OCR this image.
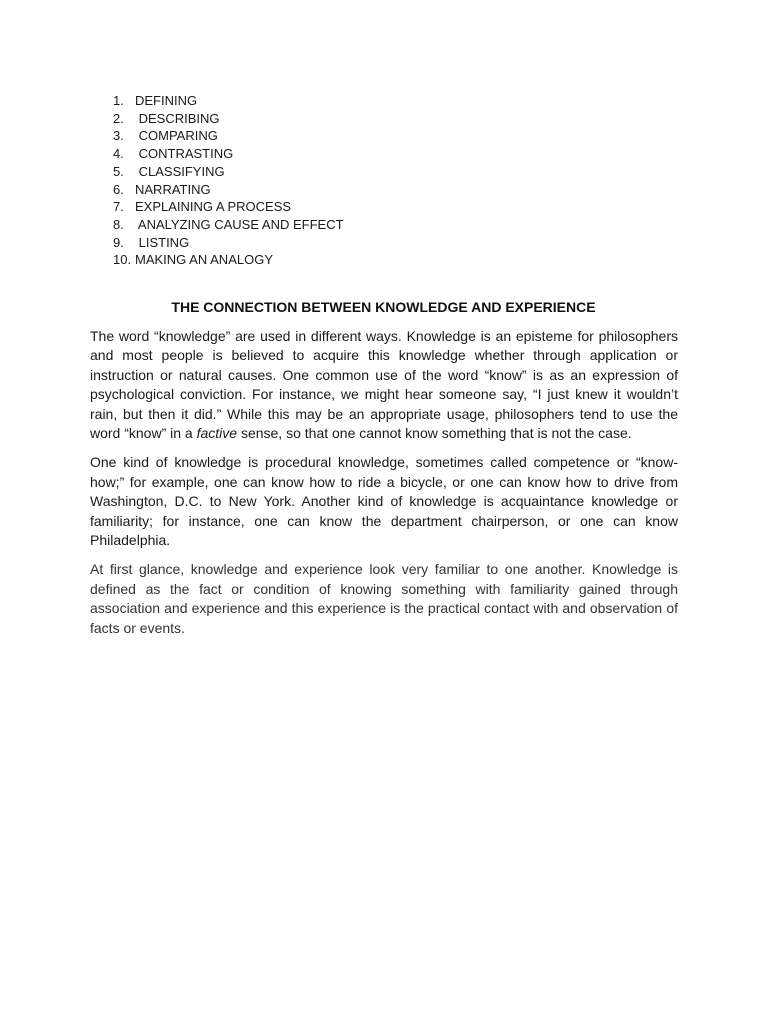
1. DEFINING
2. DESCRIBING
3. COMPARING
4. CONTRASTING
5. CLASSIFYING
6. NARRATING
7. EXPLAINING A PROCESS
8. ANALYZING CAUSE AND EFFECT
9. LISTING
10. MAKING AN ANALOGY
THE CONNECTION BETWEEN KNOWLEDGE AND EXPERIENCE

The word “knowledge” are used in different ways. Knowledge is an episteme for philosophers and most people is believed to acquire this knowledge whether through application or instruction or natural causes. One common use of the word “know” is as an expression of psychological conviction. For instance, we might hear someone say, “I just knew it wouldn’t rain, but then it did.” While this may be an appropriate usage, philosophers tend to use the word “know” in a factive sense, so that one cannot know something that is not the case.

One kind of knowledge is procedural knowledge, sometimes called competence or “know-how;” for example, one can know how to ride a bicycle, or one can know how to drive from Washington, D.C. to New York. Another kind of knowledge is acquaintance knowledge or familiarity; for instance, one can know the department chairperson, or one can know Philadelphia.

At first glance, knowledge and experience look very familiar to one another. Knowledge is defined as the fact or condition of knowing something with familiarity gained through association and experience and this experience is the practical contact with and observation of facts or events.
